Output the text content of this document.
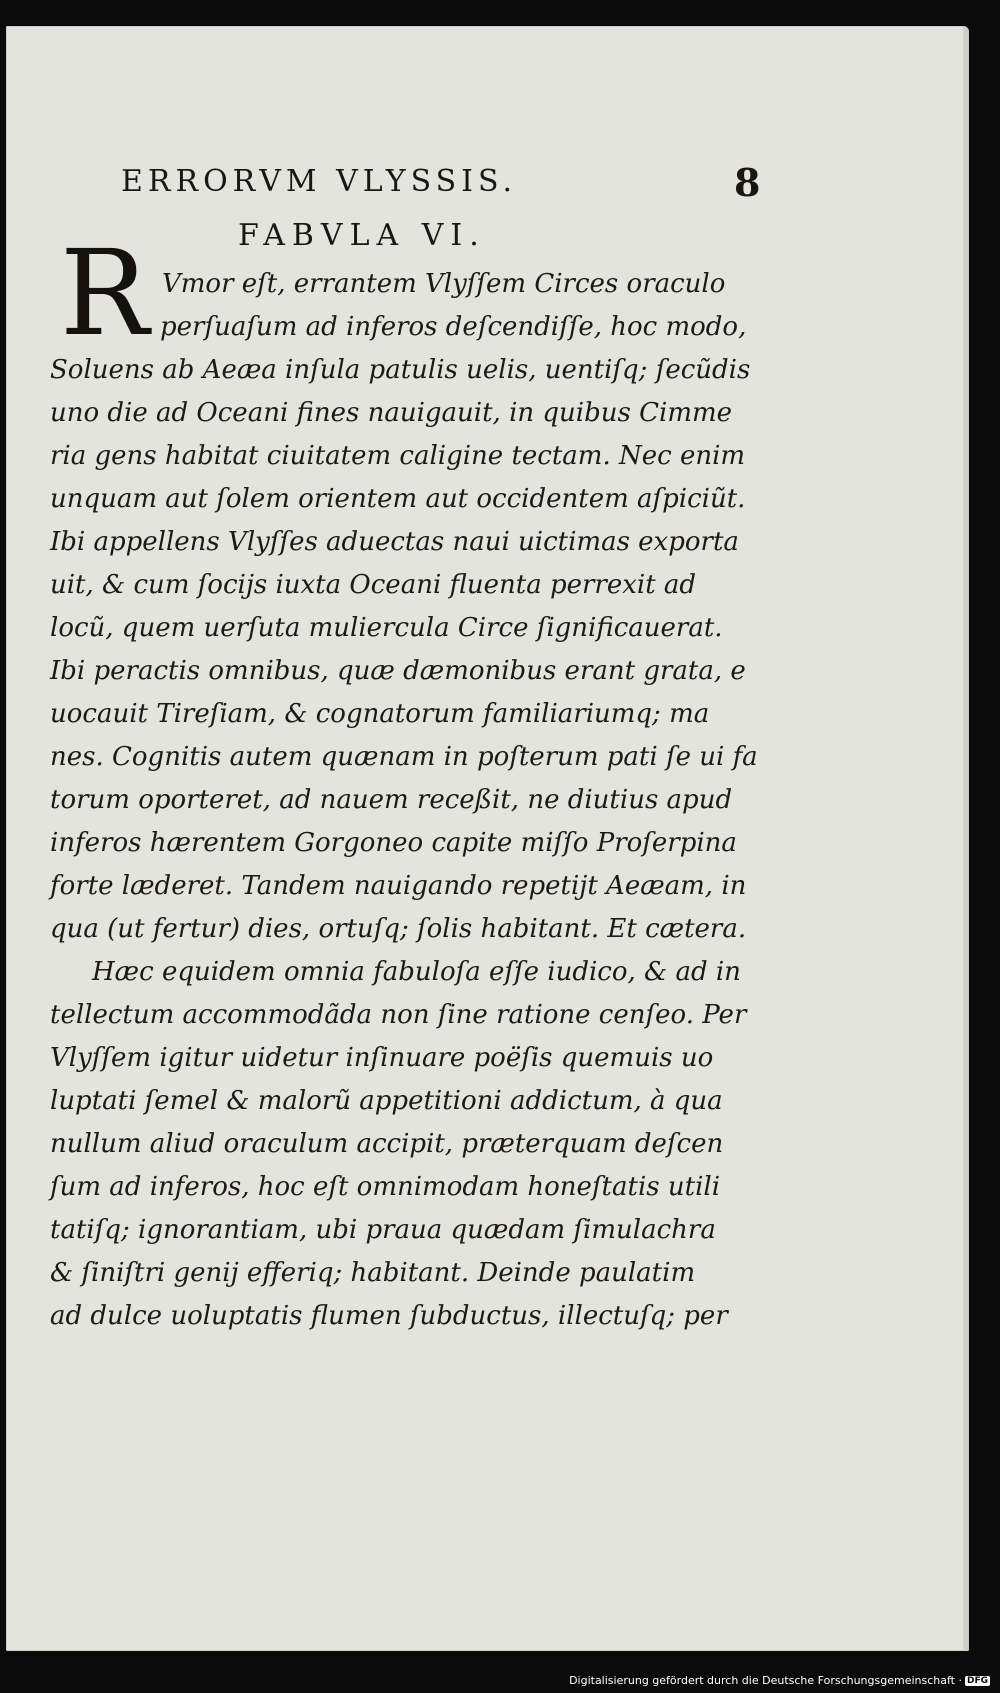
ERRORVM VLYSSIS.	8
FABVLA VI.
R Vmor eſt, errantem Vlyſſem Circes oraculo
perſuaſum ad inferos deſcendiſſe, hoc modo,
Soluens ab Aeæa inſula patulis uelis, uentiſq; ſecũdis
uno die ad Oceani fines nauigauit, in quibus Cimme
ria gens habitat ciuitatem caligine tectam. Nec enim
unquam aut ſolem orientem aut occidentem aſpiciũt.
Ibi appellens Vlyſſes aduectas naui uictimas exporta
uit, & cum ſocijs iuxta Oceani fluenta perrexit ad
locũ, quem uerſuta muliercula Circe ſignificauerat.
Ibi peractis omnibus, quæ dæmonibus erant grata, e
uocauit Tireſiam, & cognatorum familiariumq; ma
nes. Cognitis autem quænam in poſterum pati ſe ui fa
torum oporteret, ad nauem receßit, ne diutius apud
inferos hærentem Gorgoneo capite miſſo Proſerpina
forte læderet. Tandem nauigando repetijt Aeæam, in
qua (ut fertur) dies, ortuſq; ſolis habitant. Et cætera.
Hæc equidem omnia fabuloſa eſſe iudico, & ad in
tellectum accommodãda non ſine ratione cenſeo. Per
Vlyſſem igitur uidetur inſinuare poëſis quemuis uo
luptati ſemel & malorũ appetitioni addictum, à qua
nullum aliud oraculum accipit, præterquam deſcen
ſum ad inferos, hoc eſt omnimodam honeſtatis utili
tatiſq; ignorantiam, ubi praua quædam ſimulachra
& ſiniſtri genij efferiq; habitant. Deinde paulatim
ad dulce uoluptatis flumen ſubductus, illectuſq; per
Digitalisierung gefördert durch die Deutsche Forschungsgemeinschaft · DFG
